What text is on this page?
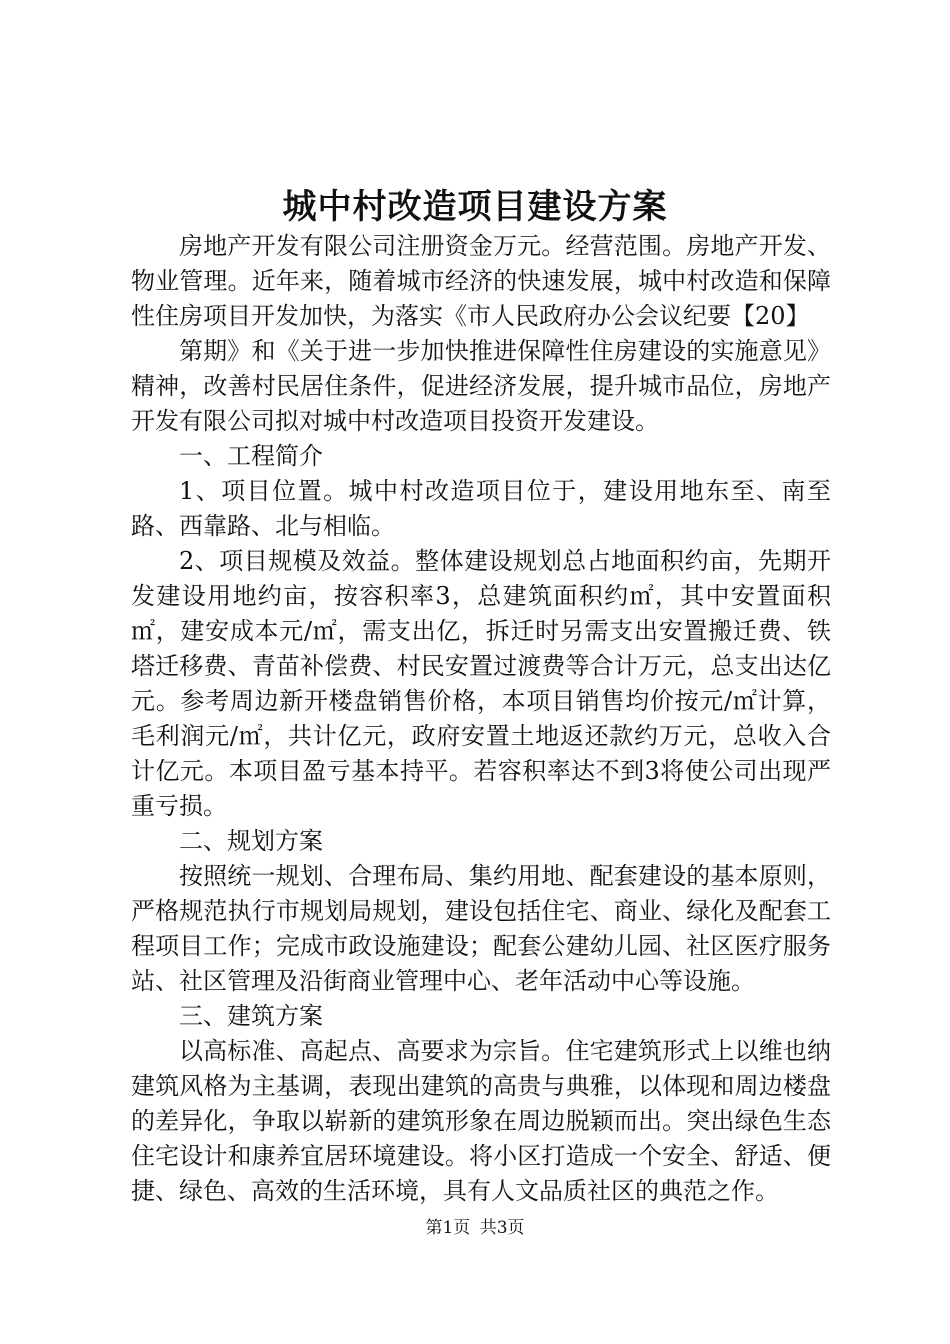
城中村改造项目建设方案

房地产开发有限公司注册资金万元。经营范围。房地产开发、物业管理。近年来，随着城市经济的快速发展，城中村改造和保障性住房项目开发加快，为落实《市人民政府办公会议纪要【20】

第期》和《关于进一步加快推进保障性住房建设的实施意见》精神，改善村民居住条件，促进经济发展，提升城市品位，房地产开发有限公司拟对城中村改造项目投资开发建设。

一、工程简介

1、项目位置。城中村改造项目位于，建设用地东至、南至路、西靠路、北与相临。

2、项目规模及效益。整体建设规划总占地面积约亩，先期开发建设用地约亩，按容积率3，总建筑面积约㎡，其中安置面积㎡，建安成本元/㎡，需支出亿，拆迁时另需支出安置搬迁费、铁塔迁移费、青苗补偿费、村民安置过渡费等合计万元，总支出达亿元。参考周边新开楼盘销售价格，本项目销售均价按元/㎡计算，毛利润元/㎡，共计亿元，政府安置土地返还款约万元，总收入合计亿元。本项目盈亏基本持平。若容积率达不到3将使公司出现严重亏损。

二、规划方案

按照统一规划、合理布局、集约用地、配套建设的基本原则，严格规范执行市规划局规划，建设包括住宅、商业、绿化及配套工程项目工作；完成市政设施建设；配套公建幼儿园、社区医疗服务站、社区管理及沿街商业管理中心、老年活动中心等设施。

三、建筑方案

以高标准、高起点、高要求为宗旨。住宅建筑形式上以维也纳建筑风格为主基调，表现出建筑的高贵与典雅，以体现和周边楼盘的差异化，争取以崭新的建筑形象在周边脱颖而出。突出绿色生态住宅设计和康养宜居环境建设。将小区打造成一个安全、舒适、便捷、绿色、高效的生活环境，具有人文品质社区的典范之作。

第1页 共3页
